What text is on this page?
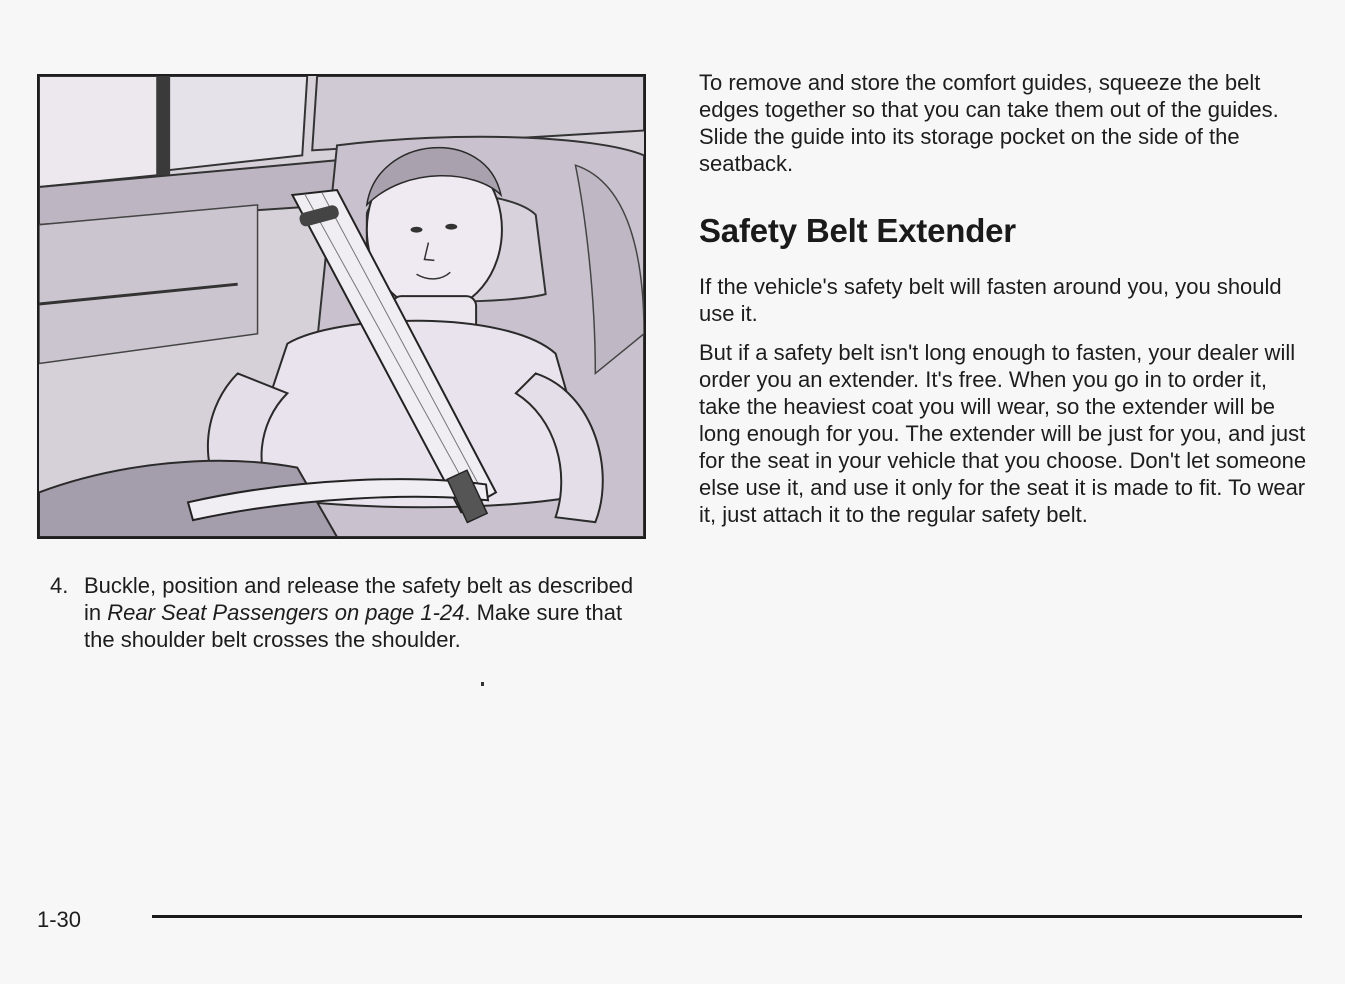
4. Buckle, position and release the safety belt as described in Rear Seat Passengers on page 1-24. Make sure that the shoulder belt crosses the shoulder.

To remove and store the comfort guides, squeeze the belt edges together so that you can take them out of the guides. Slide the guide into its storage pocket on the side of the seatback.

Safety Belt Extender

If the vehicle's safety belt will fasten around you, you should use it.

But if a safety belt isn't long enough to fasten, your dealer will order you an extender. It's free. When you go in to order it, take the heaviest coat you will wear, so the extender will be long enough for you. The extender will be just for you, and just for the seat in your vehicle that you choose. Don't let someone else use it, and use it only for the seat it is made to fit. To wear it, just attach it to the regular safety belt.

1-30
